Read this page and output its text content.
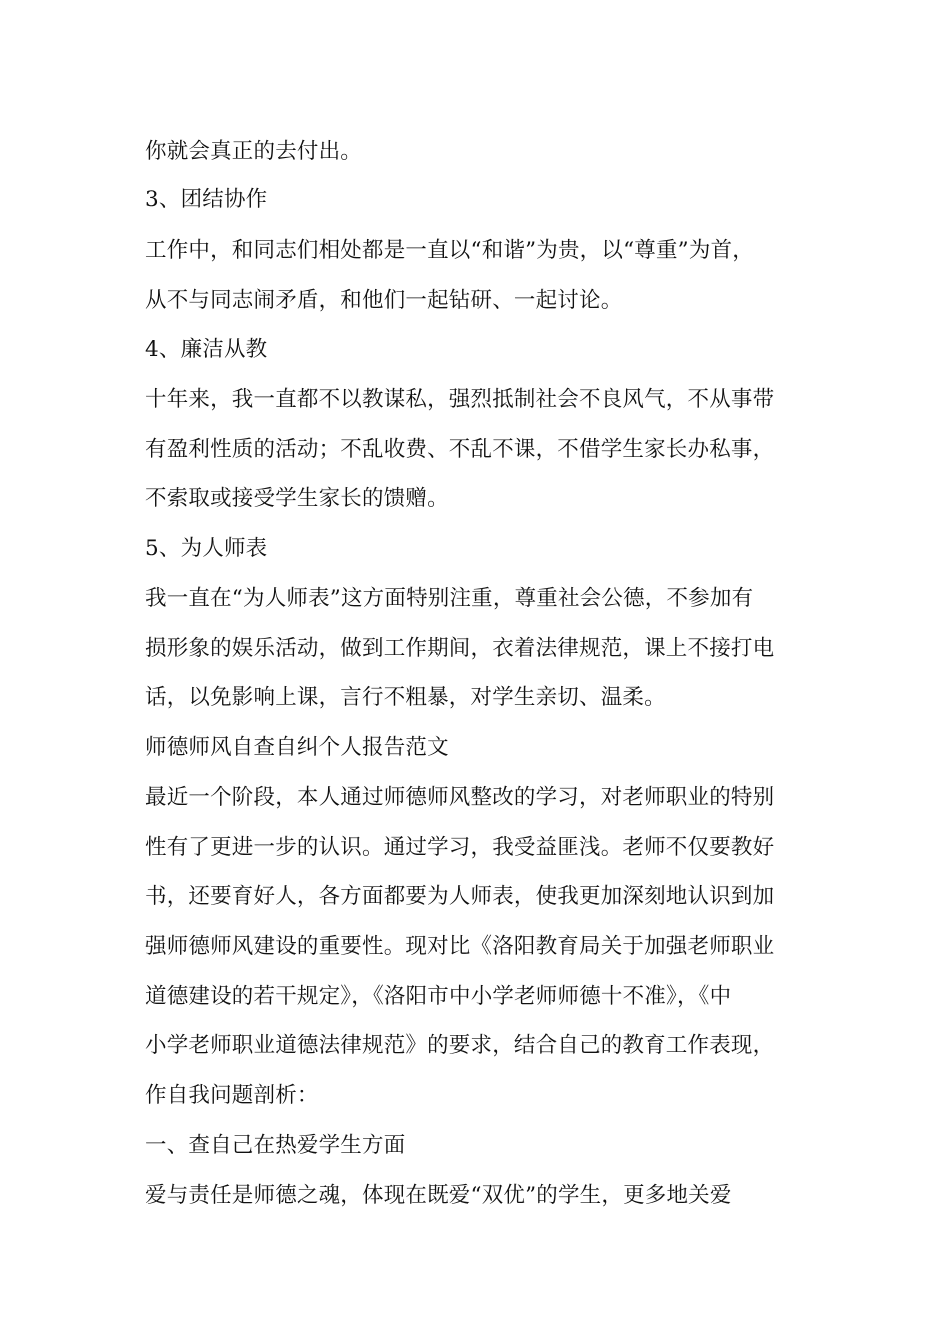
你就会真正的去付出。
3、团结协作
工作中，和同志们相处都是一直以“和谐”为贵，以“尊重”为首，
从不与同志闹矛盾，和他们一起钻研、一起讨论。
4、廉洁从教
十年来，我一直都不以教谋私，强烈抵制社会不良风气，不从事带
有盈利性质的活动；不乱收费、不乱不课，不借学生家长办私事，
不索取或接受学生家长的馈赠。
5、为人师表
我一直在“为人师表”这方面特别注重，尊重社会公德，不参加有
损形象的娱乐活动，做到工作期间，衣着法律规范，课上不接打电
话，以免影响上课，言行不粗暴，对学生亲切、温柔。
师德师风自查自纠个人报告范文
最近一个阶段，本人通过师德师风整改的学习，对老师职业的特别
性有了更进一步的认识。通过学习，我受益匪浅。老师不仅要教好
书，还要育好人，各方面都要为人师表，使我更加深刻地认识到加
强师德师风建设的重要性。现对比《洛阳教育局关于加强老师职业
道德建设的若干规定》，《洛阳市中小学老师师德十不准》，《中
小学老师职业道德法律规范》的要求，结合自己的教育工作表现，
作自我问题剖析：
一、查自己在热爱学生方面
爱与责任是师德之魂，体现在既爱“双优”的学生，更多地关爱
